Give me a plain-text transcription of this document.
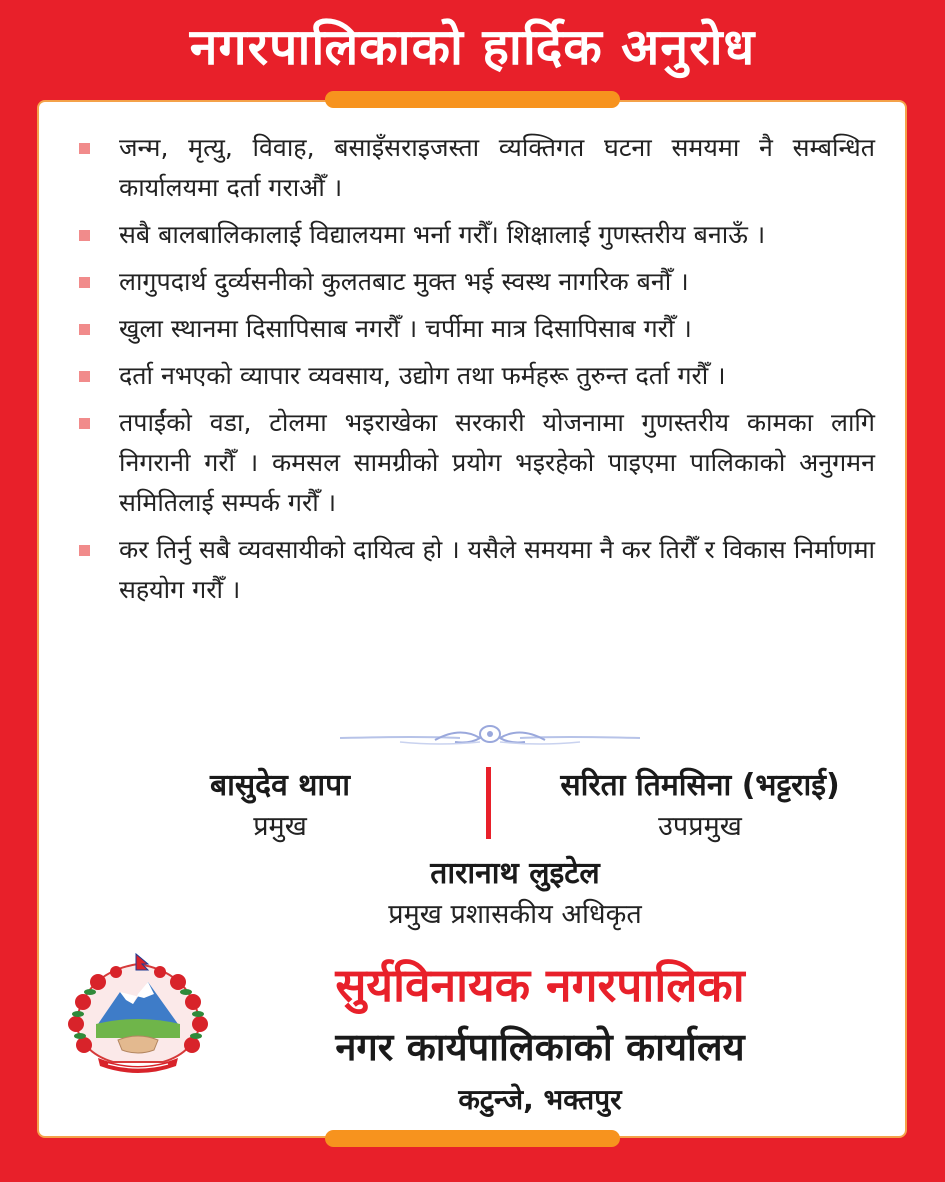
नगरपालिकाको हार्दिक अनुरोध
जन्म, मृत्यु, विवाह, बसाइँसराइजस्ता व्यक्तिगत घटना समयमा नै सम्बन्धित कार्यालयमा दर्ता गराऔँ ।
सबै बालबालिकालाई विद्यालयमा भर्ना गरौँ। शिक्षालाई गुणस्तरीय बनाऊँ ।
लागुपदार्थ दुर्व्यसनीको कुलतबाट मुक्त भई स्वस्थ नागरिक बनौँ ।
खुला स्थानमा दिसापिसाब नगरौँ । चर्पीमा मात्र दिसापिसाब गरौँ ।
दर्ता नभएको व्यापार व्यवसाय, उद्योग तथा फर्महरू तुरुन्त दर्ता गरौँ ।
तपाईंको वडा, टोलमा भइराखेका सरकारी योजनामा गुणस्तरीय कामका लागि निगरानी गरौँ । कमसल सामग्रीको प्रयोग भइरहेको पाइएमा पालिकाको अनुगमन समितिलाई सम्पर्क गरौँ ।
कर तिर्नु सबै व्यवसायीको दायित्व हो । यसैले समयमा नै कर तिरौँ र विकास निर्माणमा सहयोग गरौँ ।
बासुदेव थापा
प्रमुख
सरिता तिमसिना (भट्टराई)
उपप्रमुख
तारानाथ लुइटेल
प्रमुख प्रशासकीय अधिकृत
सुर्यविनायक नगरपालिका
नगर कार्यपालिकाको कार्यालय
कटुन्जे, भक्तपुर
